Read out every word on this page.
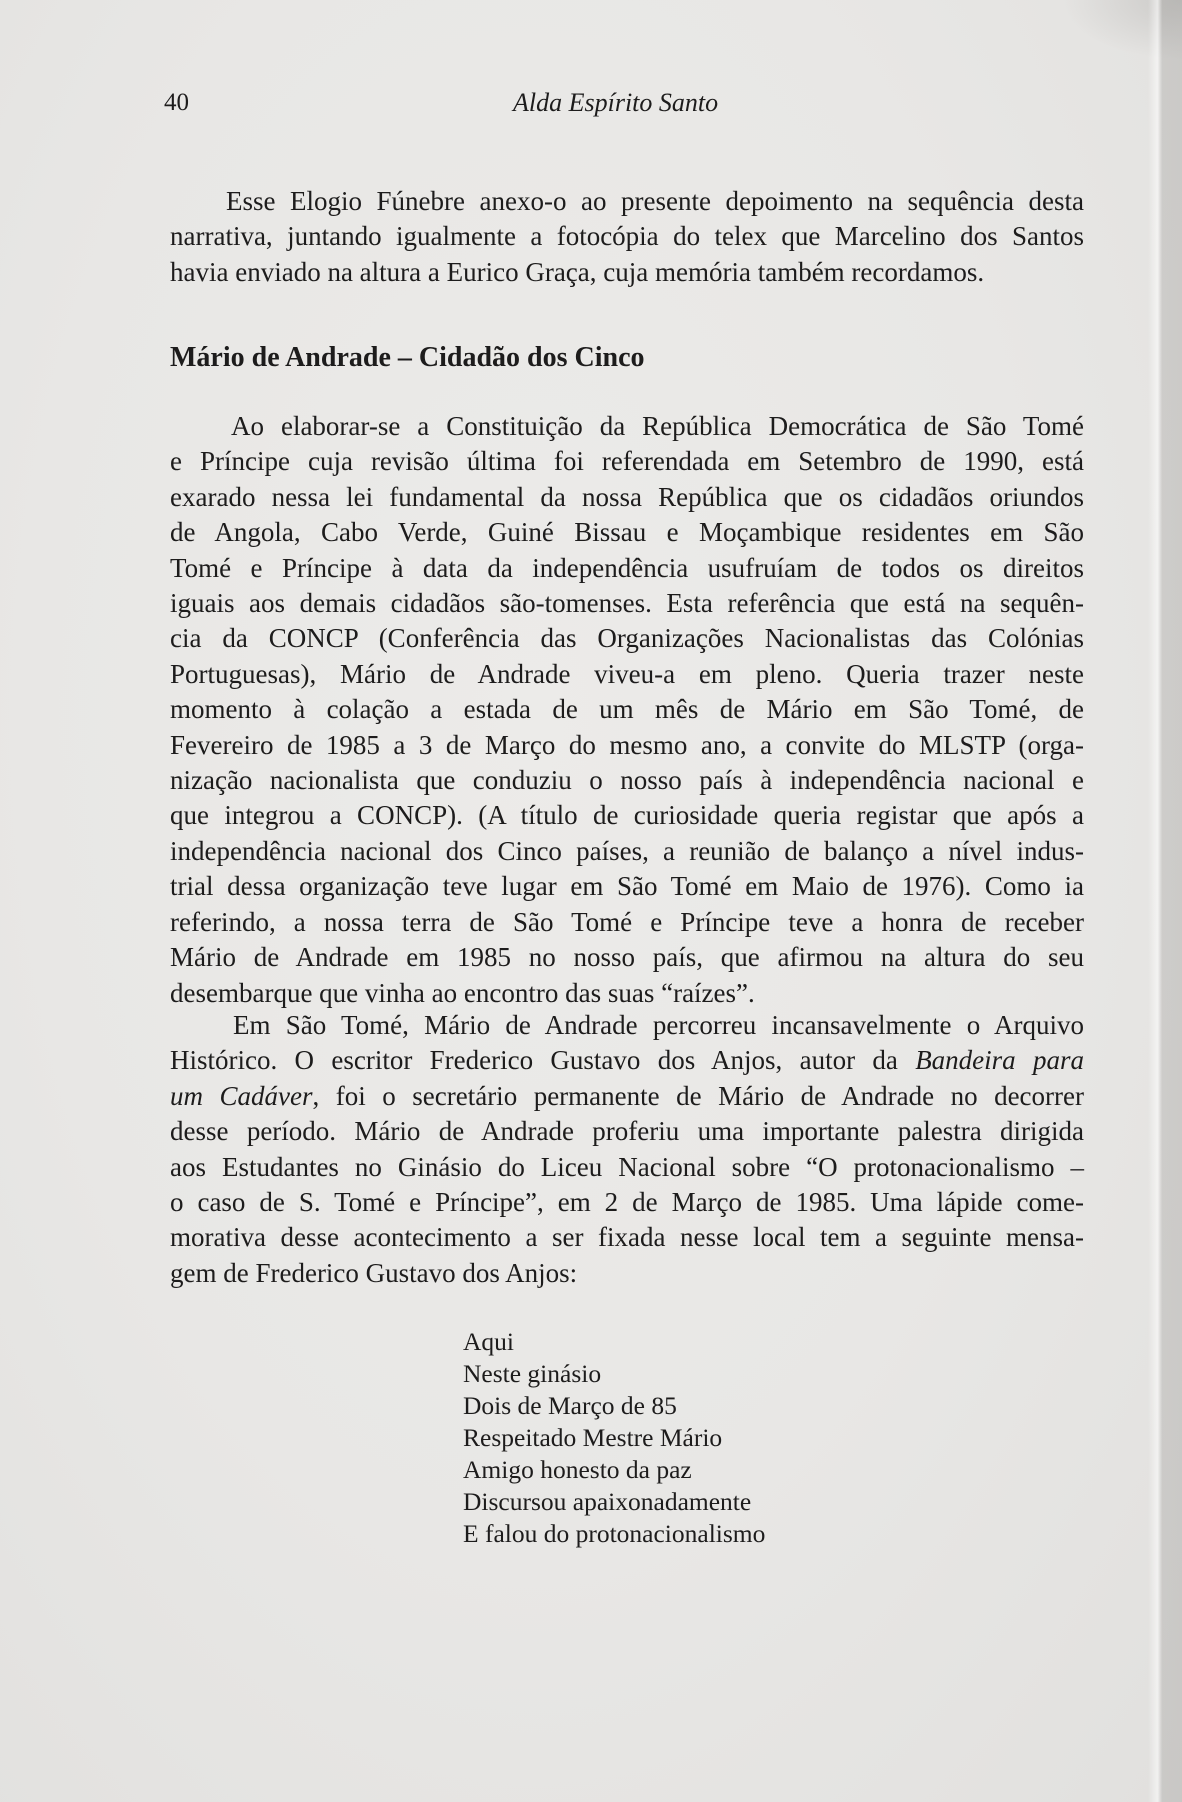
40	Alda Espírito Santo
Esse Elogio Fúnebre anexo-o ao presente depoimento na sequência desta
narrativa, juntando igualmente a fotocópia do telex que Marcelino dos Santos
havia enviado na altura a Eurico Graça, cuja memória também recordamos.
Mário de Andrade – Cidadão dos Cinco
Ao elaborar-se a Constituição da República Democrática de São Tomé
e Príncipe cuja revisão última foi referendada em Setembro de 1990, está
exarado nessa lei fundamental da nossa República que os cidadãos oriundos
de Angola, Cabo Verde, Guiné Bissau e Moçambique residentes em São
Tomé e Príncipe à data da independência usufruíam de todos os direitos
iguais aos demais cidadãos são-tomenses. Esta referência que está na sequên-
cia da CONCP (Conferência das Organizações Nacionalistas das Colónias
Portuguesas), Mário de Andrade viveu-a em pleno. Queria trazer neste
momento à colação a estada de um mês de Mário em São Tomé, de
Fevereiro de 1985 a 3 de Março do mesmo ano, a convite do MLSTP (orga-
nização nacionalista que conduziu o nosso país à independência nacional e
que integrou a CONCP). (A título de curiosidade queria registar que após a
independência nacional dos Cinco países, a reunião de balanço a nível indus-
trial dessa organização teve lugar em São Tomé em Maio de 1976). Como ia
referindo, a nossa terra de São Tomé e Príncipe teve a honra de receber
Mário de Andrade em 1985 no nosso país, que afirmou na altura do seu
desembarque que vinha ao encontro das suas “raízes”.
Em São Tomé, Mário de Andrade percorreu incansavelmente o Arquivo
Histórico. O escritor Frederico Gustavo dos Anjos, autor da Bandeira para
um Cadáver, foi o secretário permanente de Mário de Andrade no decorrer
desse período. Mário de Andrade proferiu uma importante palestra dirigida
aos Estudantes no Ginásio do Liceu Nacional sobre “O protonacionalismo –
o caso de S. Tomé e Príncipe”, em 2 de Março de 1985. Uma lápide come-
morativa desse acontecimento a ser fixada nesse local tem a seguinte mensa-
gem de Frederico Gustavo dos Anjos:
Aqui
Neste ginásio
Dois de Março de 85
Respeitado Mestre Mário
Amigo honesto da paz
Discursou apaixonadamente
E falou do protonacionalismo
